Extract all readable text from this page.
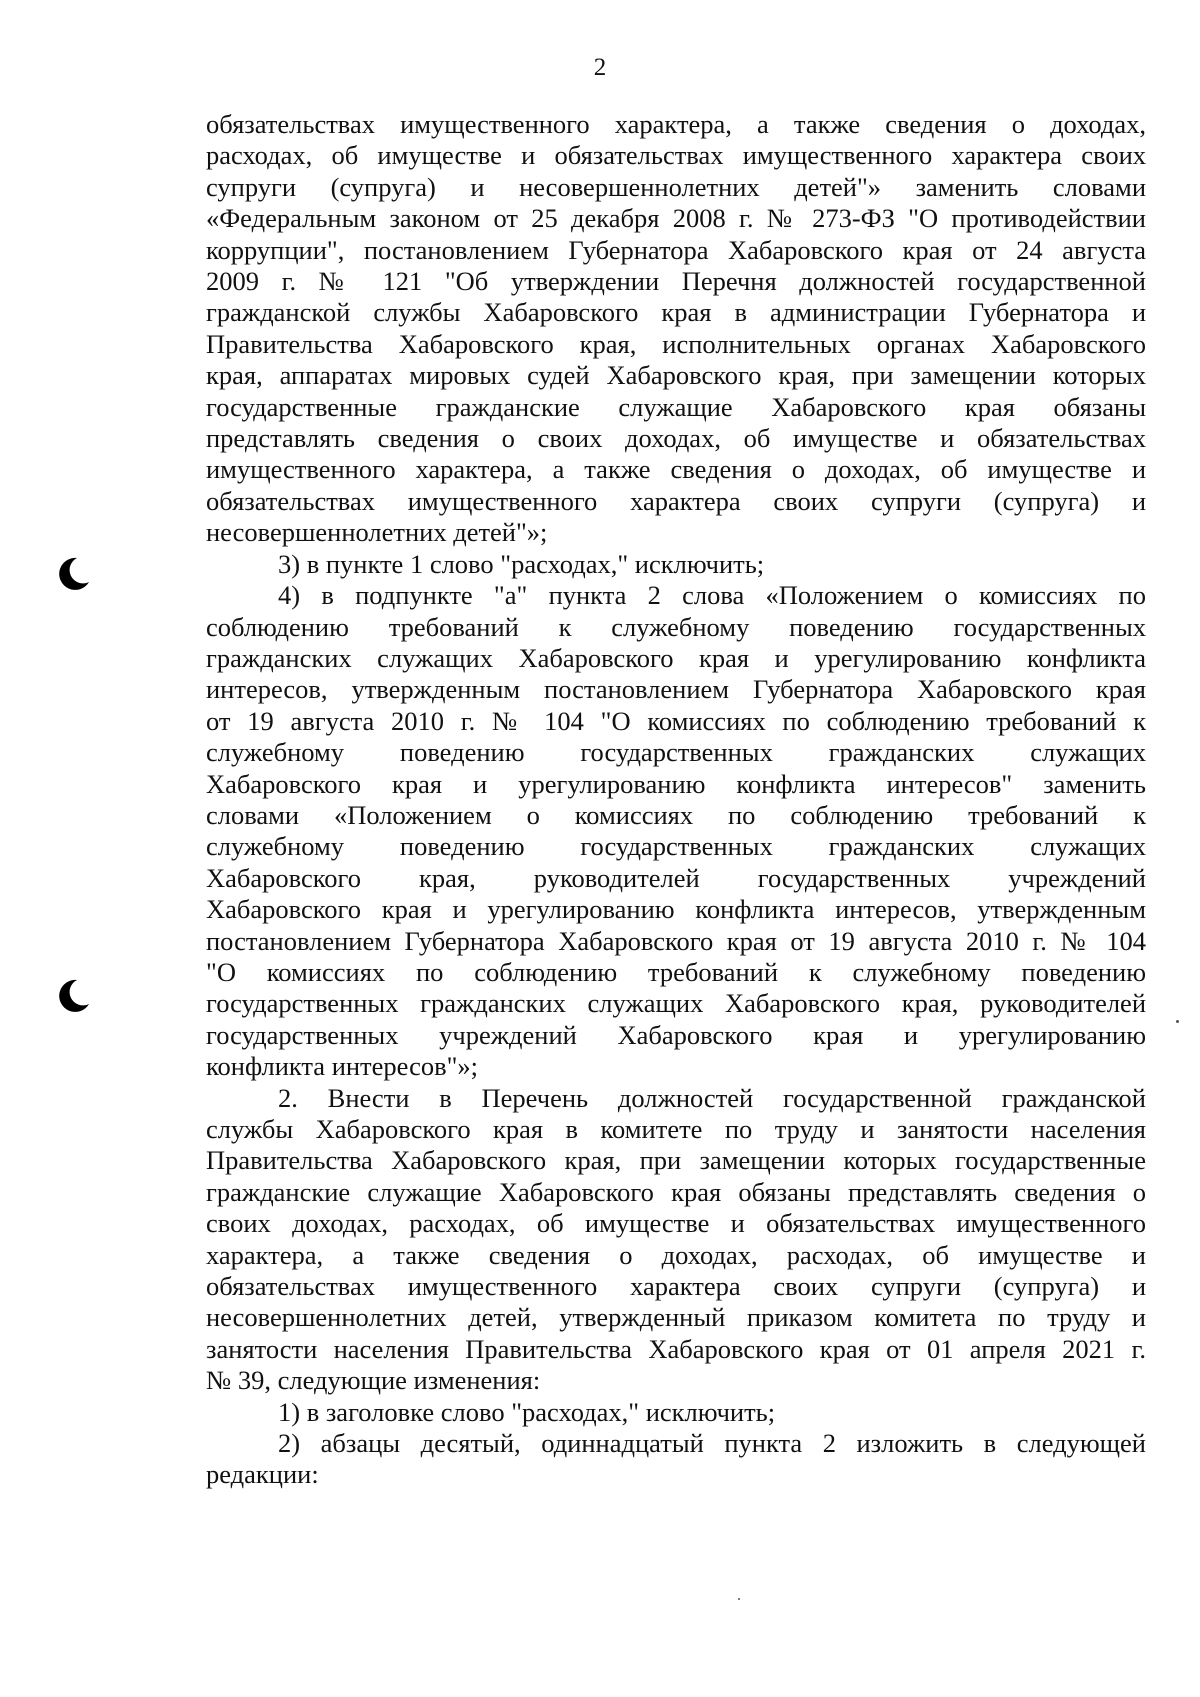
2

обязательствах имущественного характера, а также сведения о доходах,
расходах, об имуществе и обязательствах имущественного характера своих
супруги (супруга) и несовершеннолетних детей"» заменить словами
«Федеральным законом от 25 декабря 2008 г. № 273-ФЗ "О противодействии
коррупции", постановлением Губернатора Хабаровского края от 24 августа
2009 г. № 121 "Об утверждении Перечня должностей государственной
гражданской службы Хабаровского края в администрации Губернатора и
Правительства Хабаровского края, исполнительных органах Хабаровского
края, аппаратах мировых судей Хабаровского края, при замещении которых
государственные гражданские служащие Хабаровского края обязаны
представлять сведения о своих доходах, об имуществе и обязательствах
имущественного характера, а также сведения о доходах, об имуществе и
обязательствах имущественного характера своих супруги (супруга) и
несовершеннолетних детей"»;

3) в пункте 1 слово "расходах," исключить;

4) в подпункте "а" пункта 2 слова «Положением о комиссиях по
соблюдению требований к служебному поведению государственных
гражданских служащих Хабаровского края и урегулированию конфликта
интересов, утвержденным постановлением Губернатора Хабаровского края
от 19 августа 2010 г. № 104 "О комиссиях по соблюдению требований к
служебному поведению государственных гражданских служащих
Хабаровского края и урегулированию конфликта интересов" заменить
словами «Положением о комиссиях по соблюдению требований к
служебному поведению государственных гражданских служащих
Хабаровского края, руководителей государственных учреждений
Хабаровского края и урегулированию конфликта интересов, утвержденным
постановлением Губернатора Хабаровского края от 19 августа 2010 г. № 104
"О комиссиях по соблюдению требований к служебному поведению
государственных гражданских служащих Хабаровского края, руководителей
государственных учреждений Хабаровского края и урегулированию
конфликта интересов"»;

2. Внести в Перечень должностей государственной гражданской
службы Хабаровского края в комитете по труду и занятости населения
Правительства Хабаровского края, при замещении которых государственные
гражданские служащие Хабаровского края обязаны представлять сведения о
своих доходах, расходах, об имуществе и обязательствах имущественного
характера, а также сведения о доходах, расходах, об имуществе и
обязательствах имущественного характера своих супруги (супруга) и
несовершеннолетних детей, утвержденный приказом комитета по труду и
занятости населения Правительства Хабаровского края от 01 апреля 2021 г.
№ 39, следующие изменения:

1) в заголовке слово "расходах," исключить;

2) абзацы десятый, одиннадцатый пункта 2 изложить в следующей
редакции:
